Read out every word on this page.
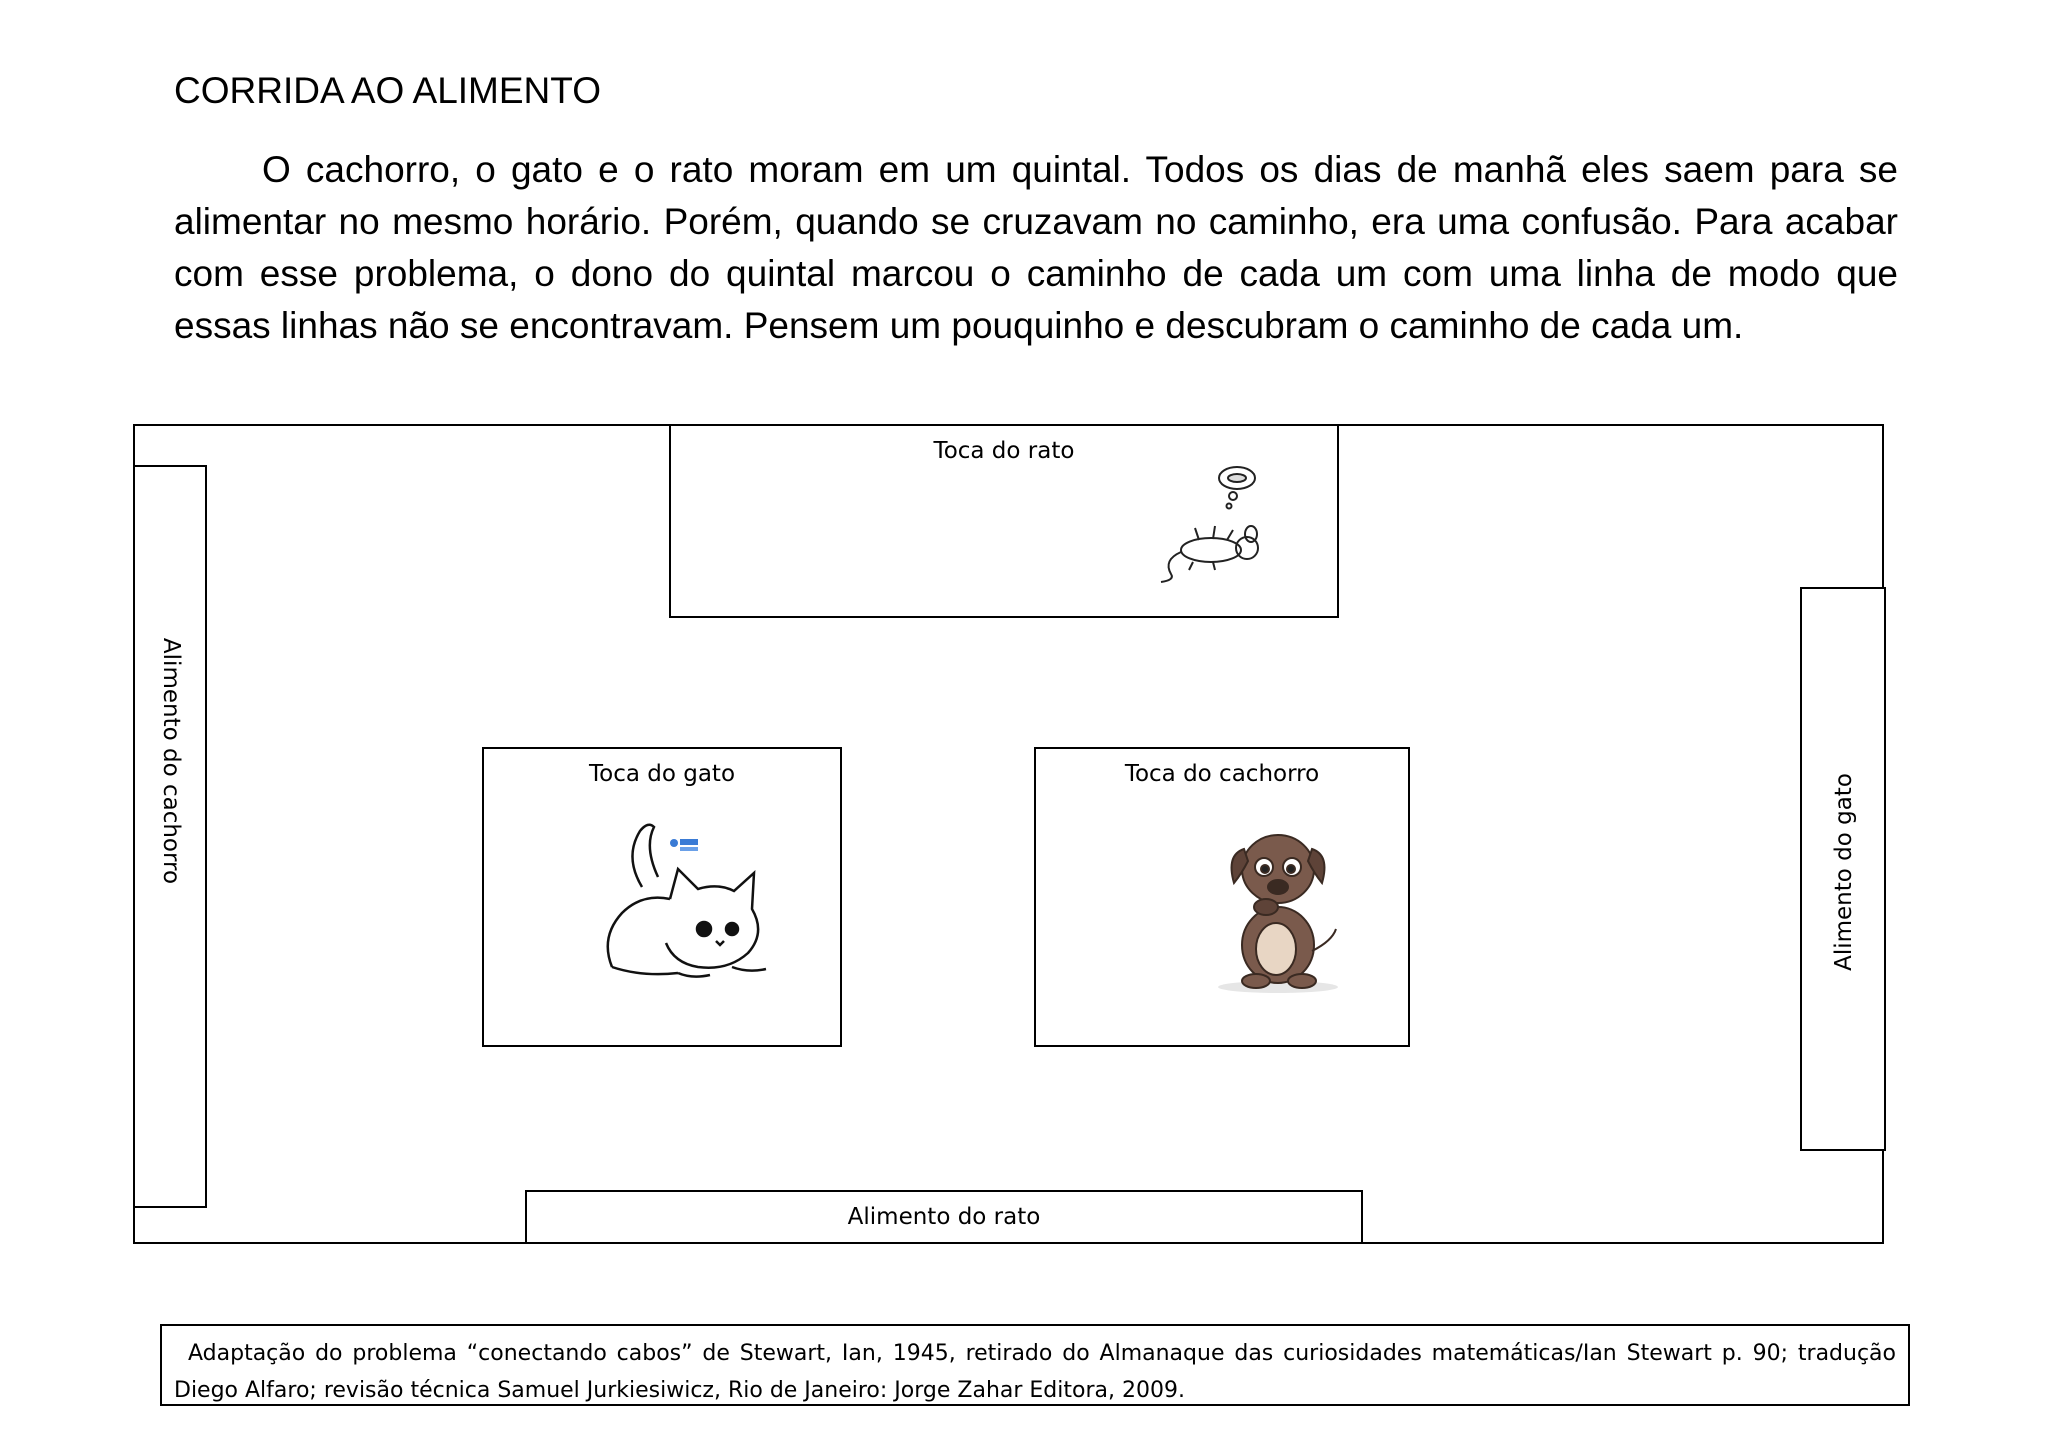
CORRIDA AO ALIMENTO

O cachorro, o gato e o rato moram em um quintal. Todos os dias de manhã eles saem para se alimentar no mesmo horário. Porém, quando se cruzavam no caminho, era uma confusão. Para acabar com esse problema, o dono do quintal marcou o caminho de cada um com uma linha de modo que essas linhas não se encontravam. Pensem um pouquinho e descubram o caminho de cada um.

Toca do rato
Alimento do cachorro	Alimento do gato
Toca do gato	Toca do cachorro
Alimento do rato
Adaptação do problema “conectando cabos” de Stewart, Ian, 1945, retirado do Almanaque das curiosidades matemáticas/Ian Stewart p. 90; tradução Diego Alfaro; revisão técnica Samuel Jurkiesiwicz, Rio de Janeiro: Jorge Zahar Editora, 2009.
